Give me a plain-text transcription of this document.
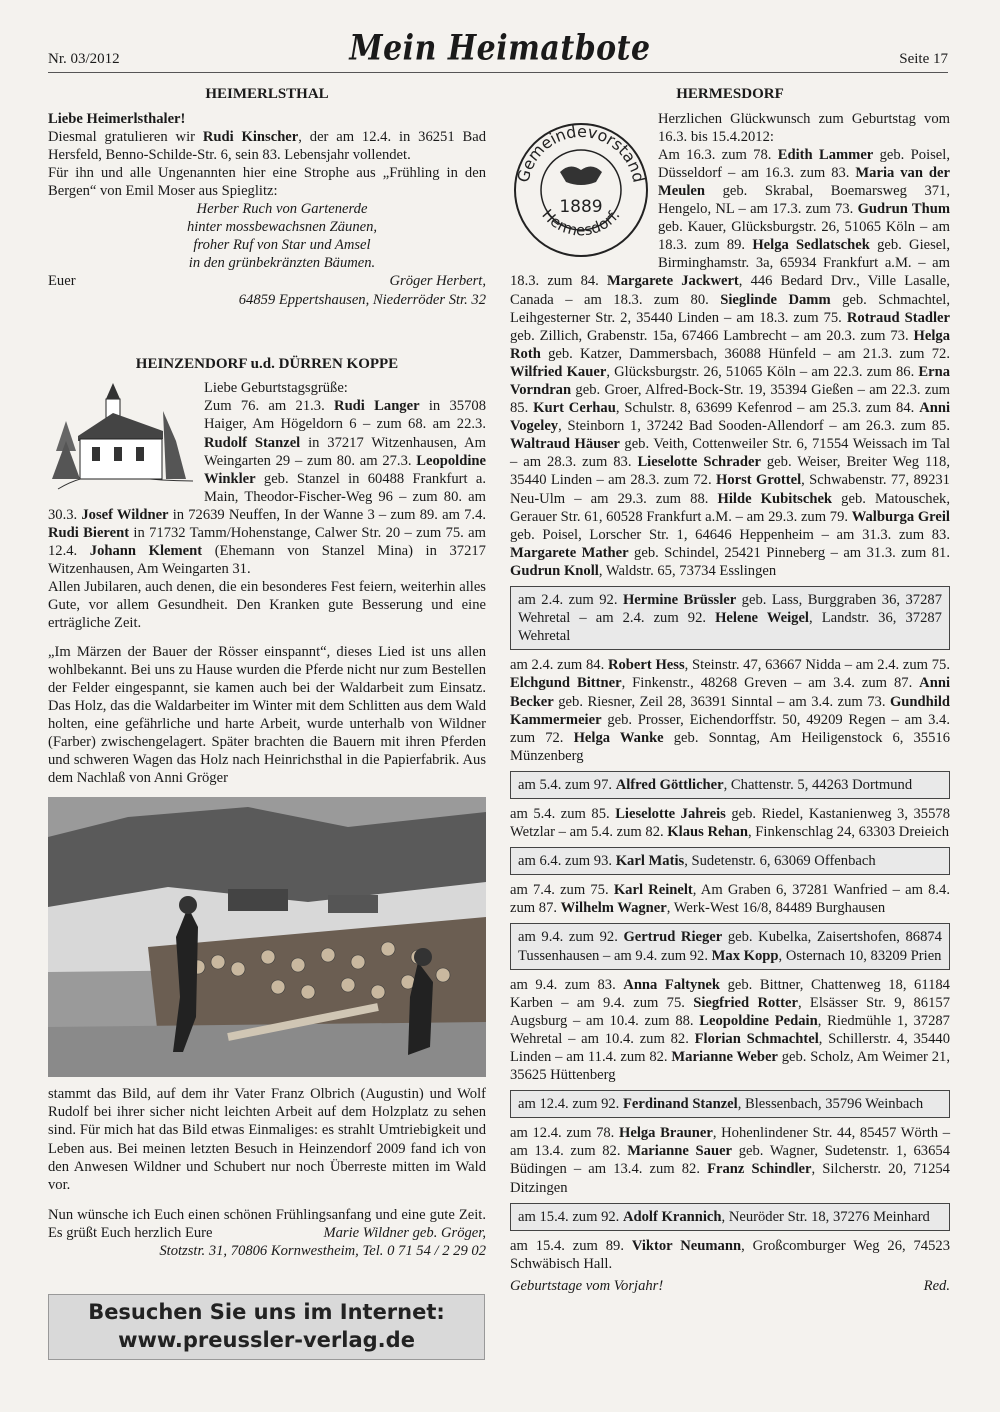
Nr. 03/2012	Mein Heimatbote	Seite 17
HEIMERLSTHAL

Liebe Heimerlsthaler!

Diesmal gratulieren wir Rudi Kinscher, der am 12.4. in 36251 Bad Hersfeld, Benno-Schilde-Str. 6, sein 83. Lebensjahr vollendet.

Für ihn und alle Ungenannten hier eine Strophe aus „Frühling in den Bergen“ von Emil Moser aus Spieglitz:

Herber Ruch von Gartenerde
hinter mossbewachsnen Zäunen,
froher Ruf von Star und Amsel
in den grünbekränzten Bäumen.
Euer	Gröger Herbert,
64859 Eppertshausen, Niederröder Str. 32
HEINZENDORF u.d. DÜRREN KOPPE

Liebe Geburtstagsgrüße:

Zum 76. am 21.3. Rudi Langer in 35708 Haiger, Am Högeldorn 6 – zum 68. am 22.3. Rudolf Stanzel in 37217 Witzenhausen, Am Weingarten 29 – zum 80. am 27.3. Leopoldine Winkler geb. Stanzel in 60488 Frankfurt a. Main, Theodor-Fischer-Weg 96 – zum 80. am 30.3. Josef Wildner in 72639 Neuffen, In der Wanne 3 – zum 89. am 7.4. Rudi Bierent in 71732 Tamm/Hohenstange, Calwer Str. 20 – zum 75. am 12.4. Johann Klement (Ehemann von Stanzel Mina) in 37217 Witzenhausen, Am Weingarten 31.

Allen Jubilaren, auch denen, die ein besonderes Fest feiern, weiterhin alles Gute, vor allem Gesundheit. Den Kranken gute Besserung und eine erträgliche Zeit.

„Im Märzen der Bauer der Rösser einspannt“, dieses Lied ist uns allen wohlbekannt. Bei uns zu Hause wurden die Pferde nicht nur zum Bestellen der Felder eingespannt, sie kamen auch bei der Waldarbeit zum Einsatz. Das Holz, das die Waldarbeiter im Winter mit dem Schlitten aus dem Wald holten, eine gefährliche und harte Arbeit, wurde unterhalb von Wildner (Farber) zwischengelagert. Später brachten die Bauern mit ihren Pferden und schweren Wagen das Holz nach Heinrichsthal in die Papierfabrik. Aus dem Nachlaß von Anni Gröger

stammt das Bild, auf dem ihr Vater Franz Olbrich (Augustin) und Wolf Rudolf bei ihrer sicher nicht leichten Arbeit auf dem Holzplatz zu sehen sind. Für mich hat das Bild etwas Einmaliges: es strahlt Umtriebigkeit und Leben aus. Bei meinen letzten Besuch in Heinzendorf 2009 fand ich von den Anwesen Wildner und Schubert nur noch Überreste mitten im Wald vor.

Nun wünsche ich Euch einen schönen Frühlingsanfang und eine gute Zeit. Es grüßt Euch herzlich Eure	Marie Wildner geb. Gröger,

Stotzstr. 31, 70806 Kornwestheim, Tel. 0 71 54 / 2 29 02
Besuchen Sie uns im Internet:
www.preussler-verlag.de
HERMESDORF
Gemeindevorstand
Hermesdorf.
1889

Herzlichen Glückwunsch zum Geburtstag vom 16.3. bis 15.4.2012:

Am 16.3. zum 78. Edith Lammer geb. Poisel, Düsseldorf – am 16.3. zum 83. Maria van der Meulen geb. Skrabal, Boemarsweg 371, Hengelo, NL – am 17.3. zum 73. Gudrun Thum geb. Kauer, Glücksburgstr. 26, 51065 Köln – am 18.3. zum 89. Helga Sedlatschek geb. Giesel, Birminghamstr. 3a, 65934 Frankfurt a.M. – am 18.3. zum 84. Margarete Jackwert, 446 Bedard Drv., Ville Lasalle, Canada – am 18.3. zum 80. Sieglinde Damm geb. Schmachtel, Leihgesterner Str. 2, 35440 Linden – am 18.3. zum 75. Rotraud Stadler geb. Zillich, Grabenstr. 15a, 67466 Lambrecht – am 20.3. zum 73. Helga Roth geb. Katzer, Dammersbach, 36088 Hünfeld – am 21.3. zum 72. Wilfried Kauer, Glücksburgstr. 26, 51065 Köln – am 22.3. zum 86. Erna Vorndran geb. Groer, Alfred-Bock-Str. 19, 35394 Gießen – am 22.3. zum 85. Kurt Cerhau, Schulstr. 8, 63699 Kefenrod – am 25.3. zum 84. Anni Vogeley, Steinborn 1, 37242 Bad Sooden-Allendorf – am 26.3. zum 85. Waltraud Häuser geb. Veith, Cottenweiler Str. 6, 71554 Weissach im Tal – am 28.3. zum 83. Lieselotte Schrader geb. Weiser, Breiter Weg 118, 35440 Linden – am 28.3. zum 72. Horst Grottel, Schwabenstr. 77, 89231 Neu-Ulm – am 29.3. zum 88. Hilde Kubitschek geb. Matouschek, Gerauer Str. 61, 60528 Frankfurt a.M. – am 29.3. zum 79. Walburga Greil geb. Poisel, Lorscher Str. 1, 64646 Heppenheim – am 31.3. zum 83. Margarete Mather geb. Schindel, 25421 Pinneberg – am 31.3. zum 81. Gudrun Knoll, Waldstr. 65, 73734 Esslingen

am 2.4. zum 92. Hermine Brüssler geb. Lass, Burggraben 36, 37287 Wehretal – am 2.4. zum 92. Helene Weigel, Landstr. 36, 37287 Wehretal

am 2.4. zum 84. Robert Hess, Steinstr. 47, 63667 Nidda – am 2.4. zum 75. Elchgund Bittner, Finkenstr., 48268 Greven – am 3.4. zum 87. Anni Becker geb. Riesner, Zeil 28, 36391 Sinntal – am 3.4. zum 73. Gundhild Kammermeier geb. Prosser, Eichendorffstr. 50, 49209 Regen – am 3.4. zum 72. Helga Wanke geb. Sonntag, Am Heiligenstock 6, 35516 Münzenberg

am 5.4. zum 97. Alfred Göttlicher, Chattenstr. 5, 44263 Dortmund

am 5.4. zum 85. Lieselotte Jahreis geb. Riedel, Kastanienweg 3, 35578 Wetzlar – am 5.4. zum 82. Klaus Rehan, Finkenschlag 24, 63303 Dreieich

am 6.4. zum 93. Karl Matis, Sudetenstr. 6, 63069 Offenbach

am 7.4. zum 75. Karl Reinelt, Am Graben 6, 37281 Wanfried – am 8.4. zum 87. Wilhelm Wagner, Werk-West 16/8, 84489 Burghausen

am 9.4. zum 92. Gertrud Rieger geb. Kubelka, Zaisertshofen, 86874 Tussenhausen – am 9.4. zum 92. Max Kopp, Osternach 10, 83209 Prien

am 9.4. zum 83. Anna Faltynek geb. Bittner, Chattenweg 18, 61184 Karben – am 9.4. zum 75. Siegfried Rotter, Elsässer Str. 9, 86157 Augsburg – am 10.4. zum 88. Leopoldine Pedain, Riedmühle 1, 37287 Wehretal – am 10.4. zum 82. Florian Schmachtel, Schillerstr. 4, 35440 Linden – am 11.4. zum 82. Marianne Weber geb. Scholz, Am Weimer 21, 35625 Hüttenberg

am 12.4. zum 92. Ferdinand Stanzel, Blessenbach, 35796 Weinbach

am 12.4. zum 78. Helga Brauner, Hohenlindener Str. 44, 85457 Wörth – am 13.4. zum 82. Marianne Sauer geb. Wagner, Sudetenstr. 1, 63654 Büdingen – am 13.4. zum 82. Franz Schindler, Silcherstr. 20, 71254 Ditzingen

am 15.4. zum 92. Adolf Krannich, Neuröder Str. 18, 37276 Meinhard

am 15.4. zum 89. Viktor Neumann, Großcomburger Weg 26, 74523 Schwäbisch Hall.

Geburtstage vom Vorjahr!	Red.
